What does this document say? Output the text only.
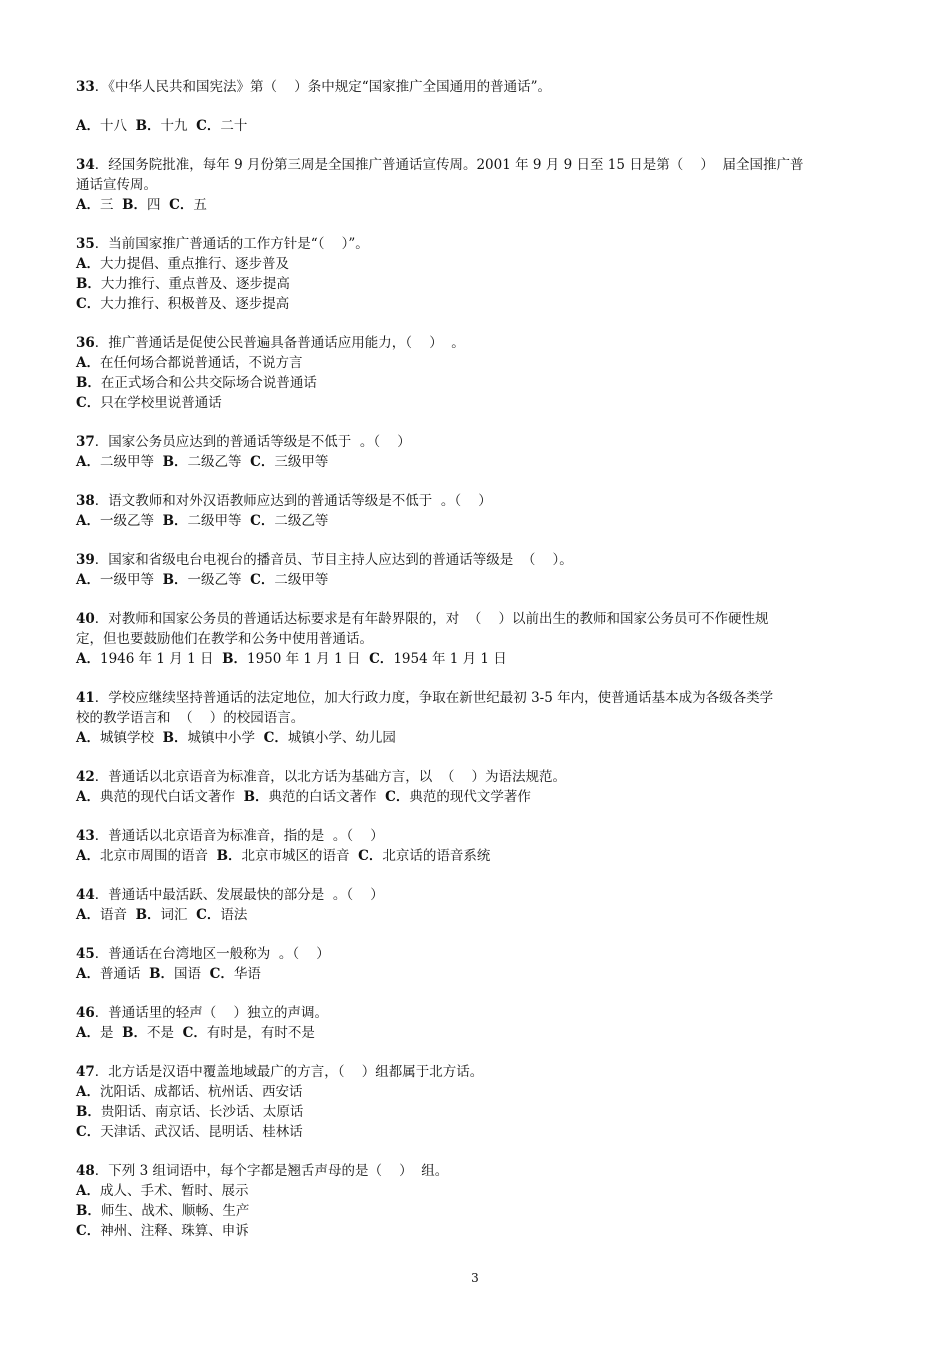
33．《中华人民共和国宪法》第（    ）条中规定“国家推广全国通用的普通话”。

A．十八  B．十九  C．二十

34．经国务院批准，每年 9 月份第三周是全国推广普通话宣传周。2001 年 9 月 9 日至 15 日是第（    ）  届全国推广普

通话宣传周。

A．三  B．四  C．五

35．当前国家推广普通话的工作方针是“（    ）”。

A．大力提倡、重点推行、逐步普及

B．大力推行、重点普及、逐步提高

C．大力推行、积极普及、逐步提高

36．推广普通话是促使公民普遍具备普通话应用能力，（    ）  。

A．在任何场合都说普通话，不说方言

B．在正式场合和公共交际场合说普通话

C．只在学校里说普通话

37．国家公务员应达到的普通话等级是不低于  。（    ）

A．二级甲等  B．二级乙等  C．三级甲等

38．语文教师和对外汉语教师应达到的普通话等级是不低于  。（    ）

A．一级乙等  B．二级甲等  C．二级乙等

39．国家和省级电台电视台的播音员、节目主持人应达到的普通话等级是  （    ）。

A．一级甲等  B．一级乙等  C．二级甲等

40．对教师和国家公务员的普通话达标要求是有年龄界限的，对  （    ）以前出生的教师和国家公务员可不作硬性规

定，但也要鼓励他们在教学和公务中使用普通话。

A．1946 年 1 月 1 日  B．1950 年 1 月 1 日  C．1954 年 1 月 1 日

41．学校应继续坚持普通话的法定地位，加大行政力度，争取在新世纪最初 3-5 年内，使普通话基本成为各级各类学

校的教学语言和  （    ）的校园语言。

A．城镇学校  B．城镇中小学  C．城镇小学、幼儿园

42．普通话以北京语音为标准音，以北方话为基础方言，以  （    ）为语法规范。

A．典范的现代白话文著作  B．典范的白话文著作  C．典范的现代文学著作

43．普通话以北京语音为标准音，指的是  。（    ）

A．北京市周围的语音  B．北京市城区的语音  C．北京话的语音系统

44．普通话中最活跃、发展最快的部分是  。（    ）

A．语音  B．词汇  C．语法

45．普通话在台湾地区一般称为  。（    ）

A．普通话  B．国语  C．华语

46．普通话里的轻声（    ）独立的声调。

A．是  B．不是  C．有时是，有时不是

47．北方话是汉语中覆盖地域最广的方言，（    ）组都属于北方话。

A．沈阳话、成都话、杭州话、西安话

B．贵阳话、南京话、长沙话、太原话

C．天津话、武汉话、昆明话、桂林话

48．下列 3 组词语中，每个字都是翘舌声母的是（    ）  组。

A．成人、手术、暂时、展示

B．师生、战术、顺畅、生产

C．神州、注释、珠算、申诉

3
